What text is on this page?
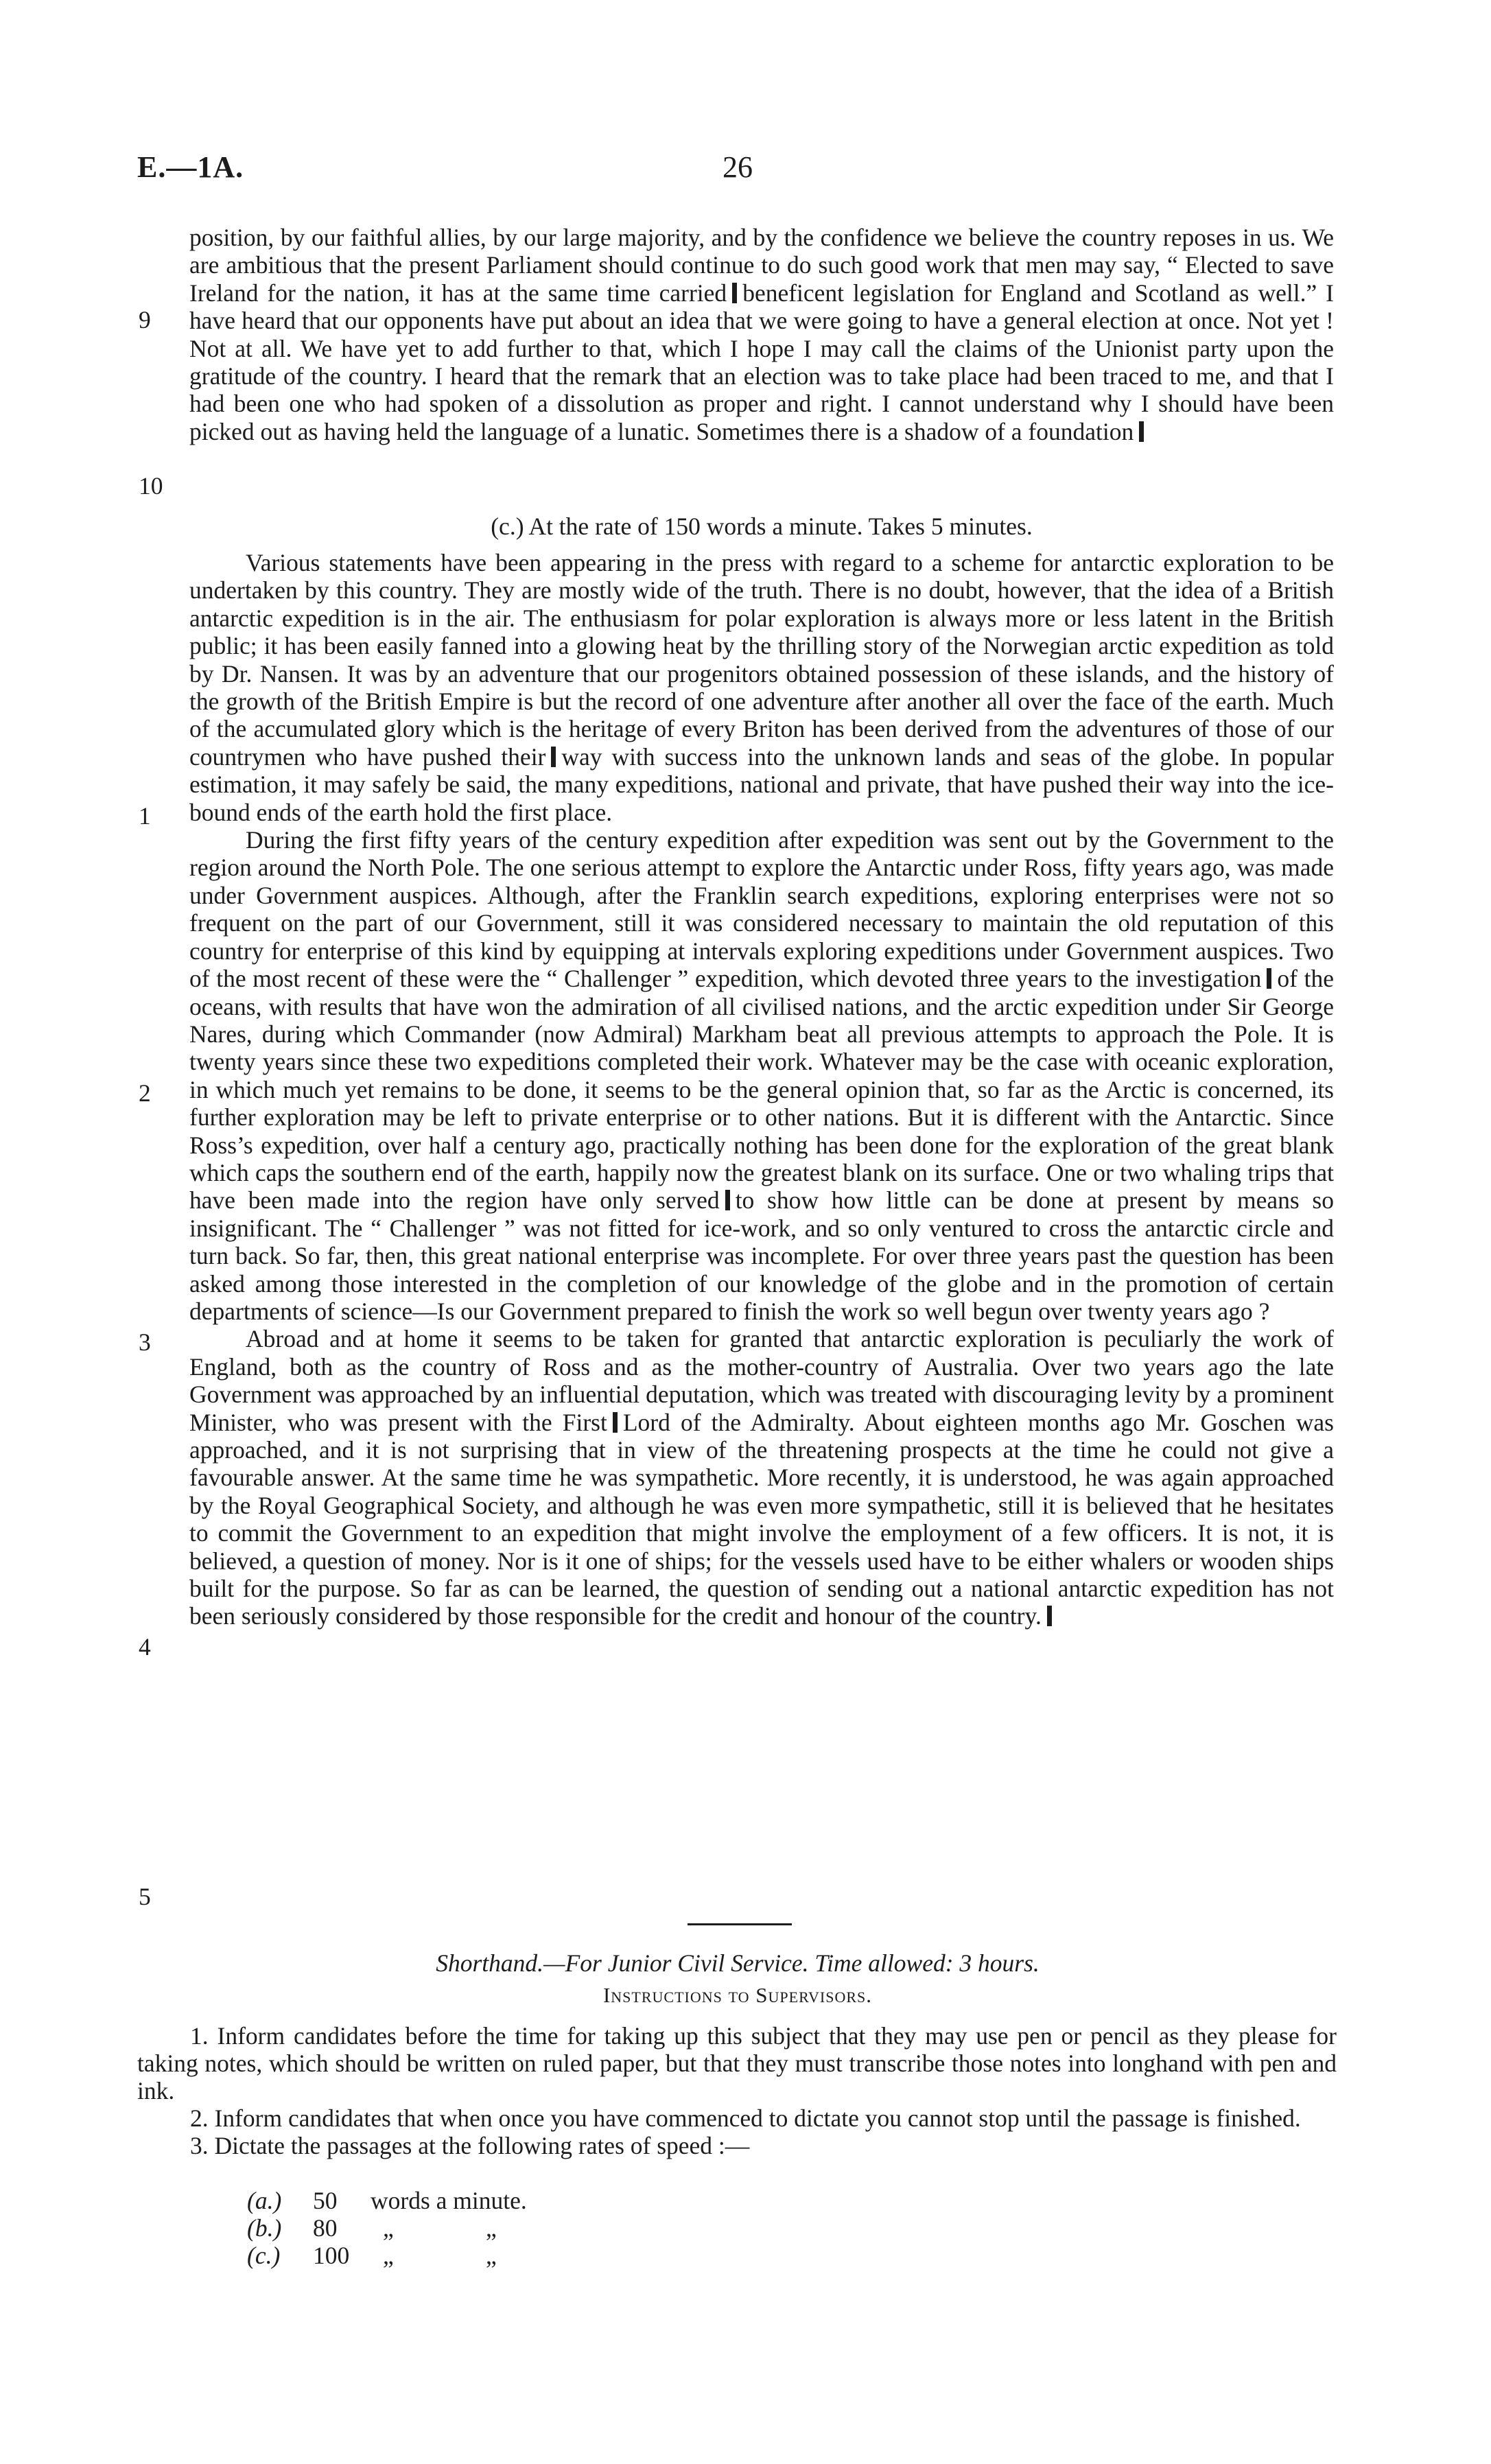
26
E.—1A.

position, by our faithful allies, by our large majority, and by the confidence we believe the country reposes in us. We are ambitious that the present Parliament should continue to do such good work that men may say, “ Elected to save Ireland for the nation, it has at the same time carried beneficent legislation for England and Scotland as well.” I have heard that our opponents have put about an idea that we were going to have a general election at once. Not yet ! Not at all. We have yet to add further to that, which I hope I may call the claims of the Unionist party upon the gratitude of the country. I heard that the remark that an election was to take place had been traced to me, and that I had been one who had spoken of a dissolution as proper and right. I cannot understand why I should have been picked out as having held the language of a lunatic. Sometimes there is a shadow of a foundation

(c.) At the rate of 150 words a minute. Takes 5 minutes.

Various statements have been appearing in the press with regard to a scheme for antarctic exploration to be undertaken by this country. They are mostly wide of the truth. There is no doubt, however, that the idea of a British antarctic expedition is in the air. The enthusiasm for polar exploration is always more or less latent in the British public; it has been easily fanned into a glowing heat by the thrilling story of the Norwegian arctic expedition as told by Dr. Nansen. It was by an adventure that our progenitors obtained possession of these islands, and the history of the growth of the British Empire is but the record of one adventure after another all over the face of the earth. Much of the accumulated glory which is the heritage of every Briton has been derived from the adventures of those of our countrymen who have pushed their way with success into the unknown lands and seas of the globe. In popular estimation, it may safely be said, the many expeditions, national and private, that have pushed their way into the ice-bound ends of the earth hold the first place.

During the first fifty years of the century expedition after expedition was sent out by the Government to the region around the North Pole. The one serious attempt to explore the Antarctic under Ross, fifty years ago, was made under Government auspices. Although, after the Franklin search expeditions, exploring enterprises were not so frequent on the part of our Government, still it was considered necessary to maintain the old reputation of this country for enterprise of this kind by equipping at intervals exploring expeditions under Government auspices. Two of the most recent of these were the “ Challenger ” expedition, which devoted three years to the investigation of the oceans, with results that have won the admiration of all civilised nations, and the arctic expedition under Sir George Nares, during which Commander (now Admiral) Markham beat all previous attempts to approach the Pole. It is twenty years since these two expeditions completed their work. Whatever may be the case with oceanic exploration, in which much yet remains to be done, it seems to be the general opinion that, so far as the Arctic is concerned, its further exploration may be left to private enterprise or to other nations. But it is different with the Antarctic. Since Ross’s expedition, over half a century ago, practically nothing has been done for the exploration of the great blank which caps the southern end of the earth, happily now the greatest blank on its surface. One or two whaling trips that have been made into the region have only served to show how little can be done at present by means so insignificant. The “ Challenger ” was not fitted for ice-work, and so only ventured to cross the antarctic circle and turn back. So far, then, this great national enterprise was incomplete. For over three years past the question has been asked among those interested in the completion of our knowledge of the globe and in the promotion of certain departments of science—Is our Government prepared to finish the work so well begun over twenty years ago ?

Abroad and at home it seems to be taken for granted that antarctic exploration is peculiarly the work of England, both as the country of Ross and as the mother-country of Australia. Over two years ago the late Government was approached by an influential deputation, which was treated with discouraging levity by a prominent Minister, who was present with the First Lord of the Admiralty. About eighteen months ago Mr. Goschen was approached, and it is not surprising that in view of the threatening prospects at the time he could not give a favourable answer. At the same time he was sympathetic. More recently, it is understood, he was again approached by the Royal Geographical Society, and although he was even more sympathetic, still it is believed that he hesitates to commit the Government to an expedition that might involve the employment of a few officers. It is not, it is believed, a question of money. Nor is it one of ships; for the vessels used have to be either whalers or wooden ships built for the purpose. So far as can be learned, the question of sending out a national antarctic expedition has not been seriously considered by those responsible for the credit and honour of the country.

9
10
1
2
3
4
5
Shorthand.—For Junior Civil Service. Time allowed: 3 hours.
Instructions to Supervisors.

1. Inform candidates before the time for taking up this subject that they may use pen or pencil as they please for taking notes, which should be written on ruled paper, but that they must transcribe those notes into longhand with pen and ink.

2. Inform candidates that when once you have commenced to dictate you cannot stop until the passage is finished.

3. Dictate the passages at the following rates of speed :—

(a.) 50 words a minute.
(b.) 80 „	„
(c.) 100 „	„
